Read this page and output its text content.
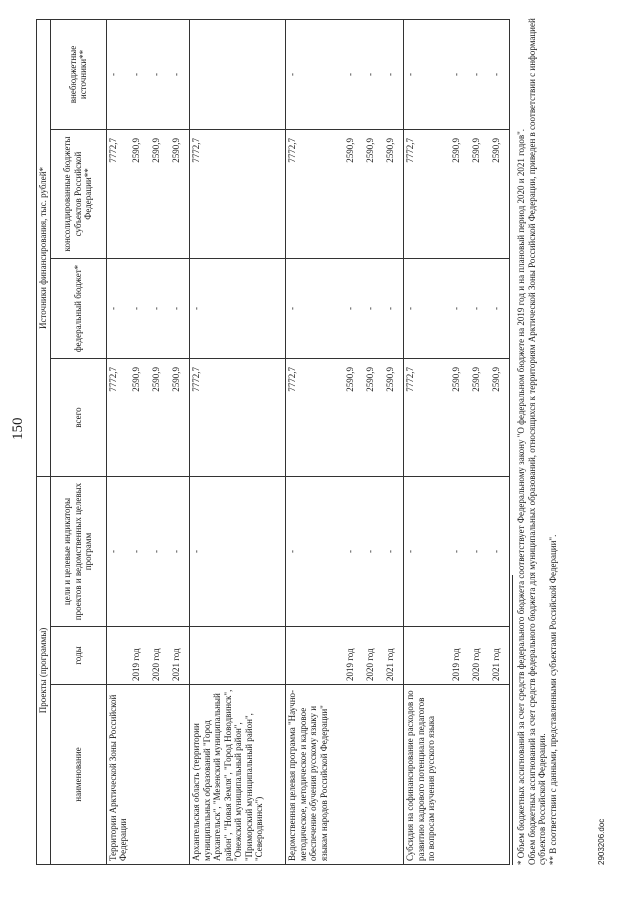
150
Проекты (программы)			Источники финансирования, тыс. рублей*			
наименование	годы	цели и целевые индикаторы проектов и ведомственных целевых программ	всего	федеральный бюджет*	консолидированные бюджеты субъектов Российской Федерации**	внебюджетные источники**
Территории Арктической Зоны Российской Федерации		-	7772,7	-	7772,7	-
	2019 год	-	2590,9	-	2590,9	-
	2020 год	-	2590,9	-	2590,9	-
	2021 год	-	2590,9	-	2590,9	-
Архангельская область (территории муниципальных образований "Город Архангельск", "Мезенский муниципальный район", "Новая Земля", "Город Новодвинск", "Онежский муниципальный район", "Приморский муниципальный район", "Северодвинск")		-	7772,7	-	7772,7	
Ведомственная целевая программа "Научно-методическое, методическое и кадровое обеспечение обучения русскому языку и языкам народов Российской Федерации"		-	7772,7	-	7772,7	-
	2019 год	-	2590,9	-	2590,9	-
	2020 год	-	2590,9	-	2590,9	-
	2021 год	-	2590,9	-	2590,9	-
Субсидия на софинансирование расходов по развитию кадрового потенциала педагогов по вопросам изучения русского языка		-	7772,7	-	7772,7	-
	2019 год	-	2590,9	-	2590,9	-
	2020 год	-	2590,9	-	2590,9	-
	2021 год	-	2590,9	-	2590,9	-

* Объем бюджетных ассигнований за счет средств федерального бюджета соответствует Федеральному закону "О федеральном бюджете на 2019 год и на плановый период 2020 и 2021 годов". Объем бюджетных ассигнований за счет средств федерального бюджета для муниципальных образований, относящихся к территориям Арктической Зоны Российской Федерации, приведен в соответствии с информацией субъектов Российской Федерации. ** В соответствии с данными, представленными субъектами Российской Федерации".	2903206.doc
